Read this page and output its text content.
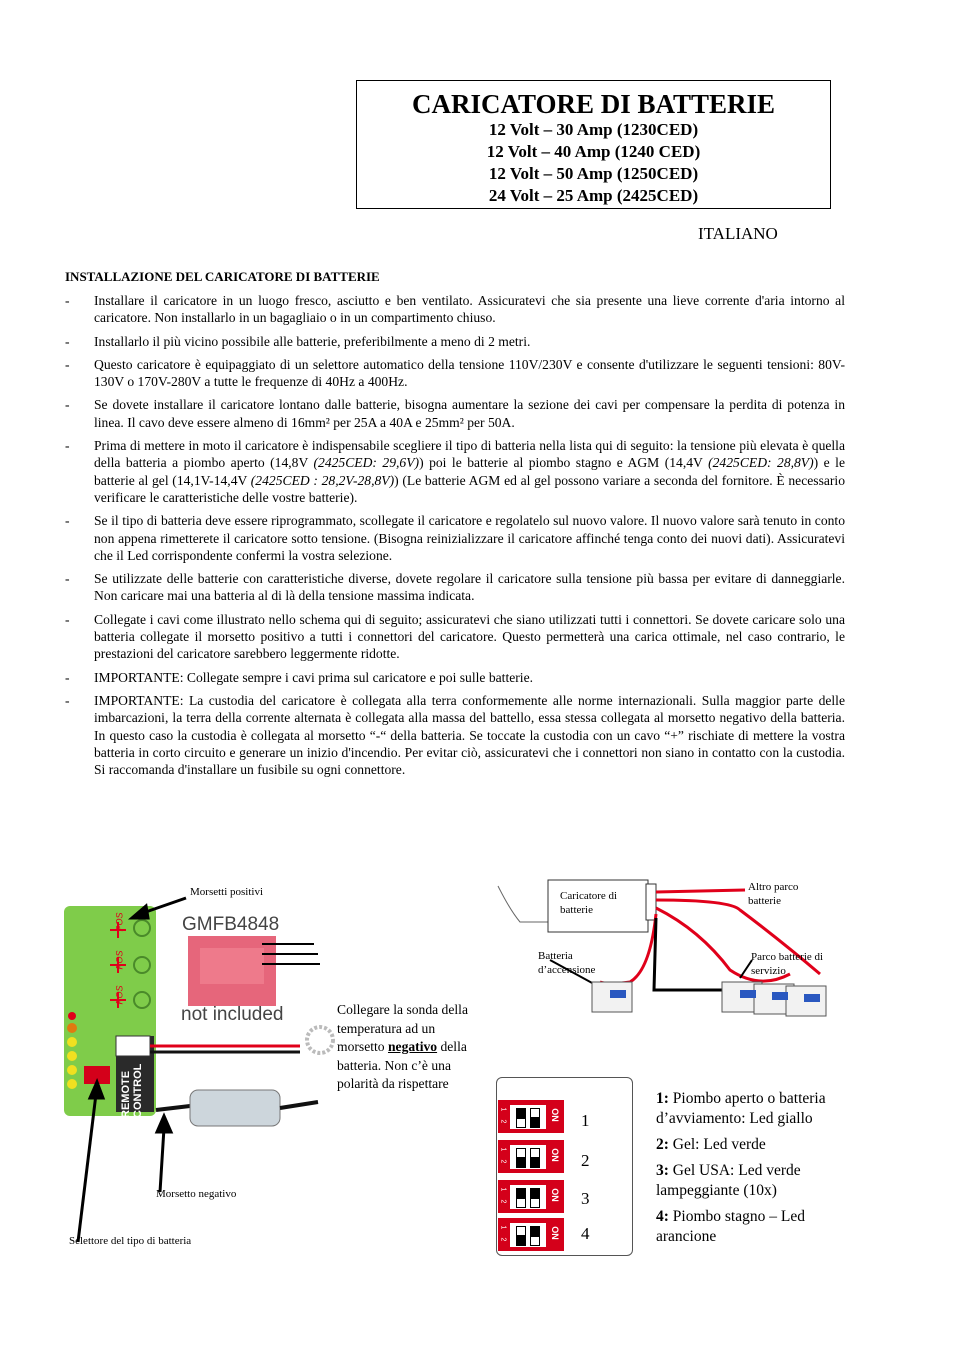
CARICATORE DI BATTERIE
12 Volt – 30 Amp (1230CED)
12 Volt – 40 Amp (1240 CED)
12 Volt – 50 Amp (1250CED)
24 Volt – 25 Amp (2425CED)
ITALIANO
INSTALLAZIONE DEL CARICATORE DI BATTERIE
- Installare il caricatore in un luogo fresco, asciutto e ben ventilato. Assicuratevi che sia presente una lieve corrente d'aria intorno al caricatore. Non installarlo in un bagagliaio o in un compartimento chiuso.
- Installarlo il più vicino possibile alle batterie, preferibilmente a meno di 2 metri.
- Questo caricatore è equipaggiato di un selettore automatico della tensione 110V/230V e consente d'utilizzare le seguenti tensioni: 80V-130V o 170V-280V a tutte le frequenze di 40Hz a 400Hz.
- Se dovete installare il caricatore lontano dalle batterie, bisogna aumentare la sezione dei cavi per compensare la perdita di potenza in linea. Il cavo deve essere almeno di 16mm² per 25A a 40A e 25mm² per 50A.
- Prima di mettere in moto il caricatore è indispensabile scegliere il tipo di batteria nella lista qui di seguito: la tensione più elevata è quella della batteria a piombo aperto (14,8V (2425CED: 29,6V)) poi le batterie al piombo stagno e AGM (14,4V (2425CED: 28,8V)) e le batterie al gel (14,1V-14,4V (2425CED : 28,2V-28,8V)) (Le batterie AGM ed al gel possono variare a seconda del fornitore. È necessario verificare le caratteristiche delle vostre batterie).
- Se il tipo di batteria deve essere riprogrammato, scollegate il caricatore e regolatelo sul nuovo valore. Il nuovo valore sarà tenuto in conto non appena rimetterete il caricatore sotto tensione. (Bisogna reinizializzare il caricatore affinché tenga conto dei nuovi dati). Assicuratevi che il Led corrispondente confermi la vostra selezione.
- Se utilizzate delle batterie con caratteristiche diverse, dovete regolare il caricatore sulla tensione più bassa per evitare di danneggiarle. Non caricare mai una batteria al di là della tensione massima indicata.
- Collegate i cavi come illustrato nello schema qui di seguito; assicuratevi che siano utilizzati tutti i connettori. Se dovete caricare solo una batteria collegate il morsetto positivo a tutti i connettori del caricatore. Questo permetterà una carica ottimale, nel caso contrario, le prestazioni del caricatore sarebbero leggermente ridotte.
- IMPORTANTE: Collegate sempre i cavi prima sul caricatore e poi sulle batterie.
- IMPORTANTE: La custodia del caricatore è collegata alla terra conformemente alle norme internazionali. Sulla maggior parte delle imbarcazioni, la terra della corrente alternata è collegata alla massa del battello, essa stessa collegata al morsetto negativo della batteria. In questo caso la custodia è collegata al morsetto “-“ della batteria. Se toccate la custodia con un cavo “+” rischiate di mettere la vostra batteria in corto circuito e generare un inizio d'incendio. Per evitar ciò, assicuratevi che i connettori non siano in contatto con la custodia. Si raccomanda d'installare un fusibile su ogni connettore.
POS
POS
POS
Morsetti positivi
GMFB4848
not included
REMOTE CONTROL
Morsetto negativo
Selettore del tipo di batteria
Collegare la sonda della temperatura ad un morsetto negativo della batteria. Non c’è una polarità da rispettare
Caricatore di batterie
Altro parco batterie
Batteria d’accensione
Parco batterie di servizio
1
2	ON
1
2	ON
1
2	ON
1
2	ON
1
2
3
4
1: Piombo aperto o batteria d’avviamento: Led giallo
2: Gel: Led verde
3: Gel USA: Led verde lampeggiante (10x)
4: Piombo stagno – Led arancione
